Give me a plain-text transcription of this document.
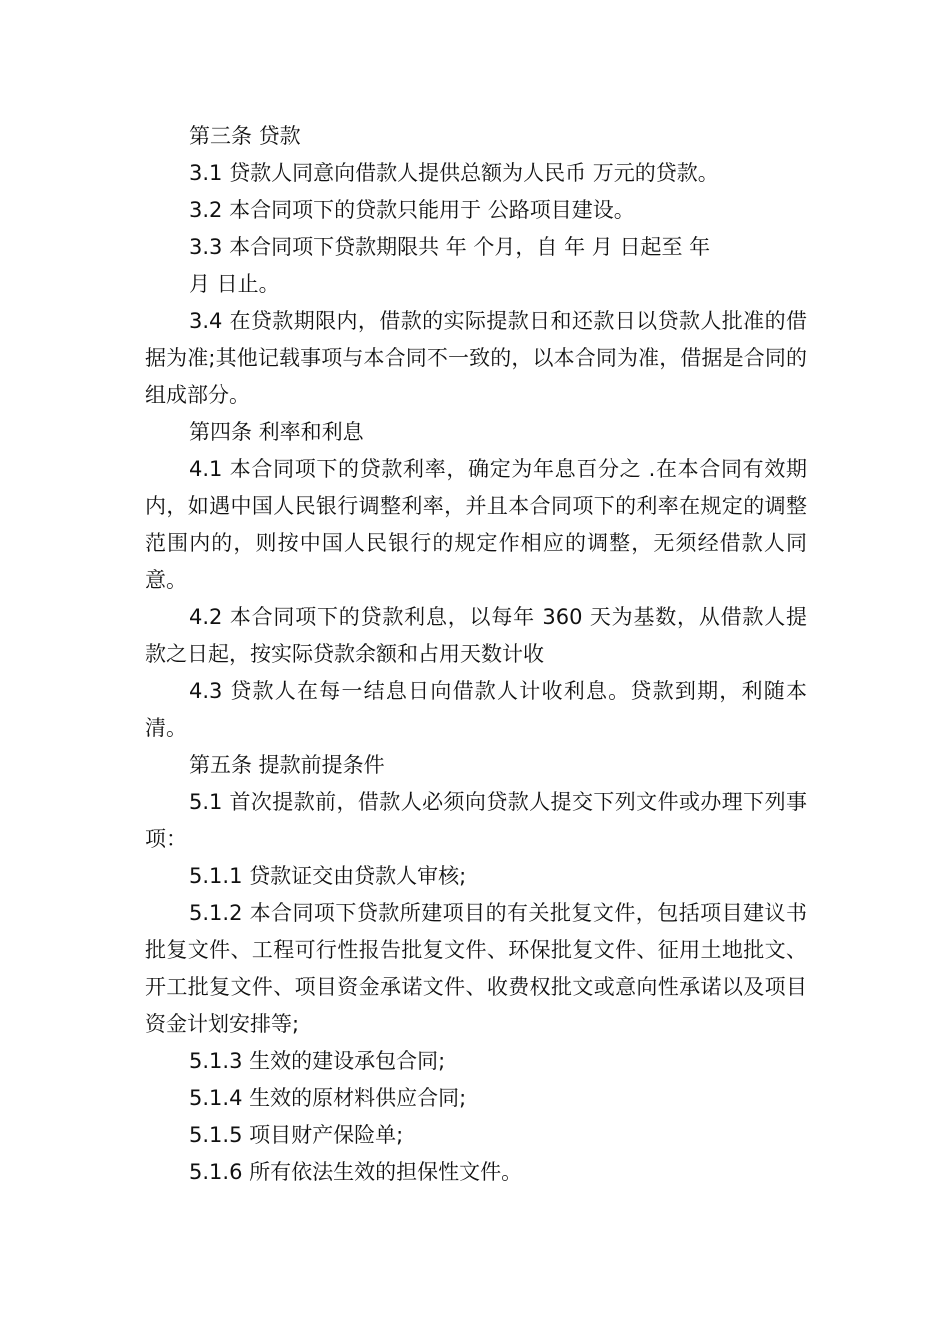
第三条 贷款

3.1 贷款人同意向借款人提供总额为人民币 万元的贷款。

3.2 本合同项下的贷款只能用于 公路项目建设。

3.3 本合同项下贷款期限共 年 个月，自 年 月 日起至 年

月 日止。

3.4 在贷款期限内，借款的实际提款日和还款日以贷款人批准的借据为准;其他记载事项与本合同不一致的，以本合同为准，借据是合同的组成部分。

第四条 利率和利息

4.1 本合同项下的贷款利率，确定为年息百分之 .在本合同有效期内，如遇中国人民银行调整利率，并且本合同项下的利率在规定的调整范围内的，则按中国人民银行的规定作相应的调整，无须经借款人同意。

4.2 本合同项下的贷款利息，以每年 360 天为基数，从借款人提款之日起，按实际贷款余额和占用天数计收

4.3 贷款人在每一结息日向借款人计收利息。贷款到期，利随本清。

第五条 提款前提条件

5.1 首次提款前，借款人必须向贷款人提交下列文件或办理下列事项：

5.1.1 贷款证交由贷款人审核;

5.1.2 本合同项下贷款所建项目的有关批复文件，包括项目建议书批复文件、工程可行性报告批复文件、环保批复文件、征用土地批文、开工批复文件、项目资金承诺文件、收费权批文或意向性承诺以及项目资金计划安排等;

5.1.3 生效的建设承包合同;

5.1.4 生效的原材料供应合同;

5.1.5 项目财产保险单;

5.1.6 所有依法生效的担保性文件。
